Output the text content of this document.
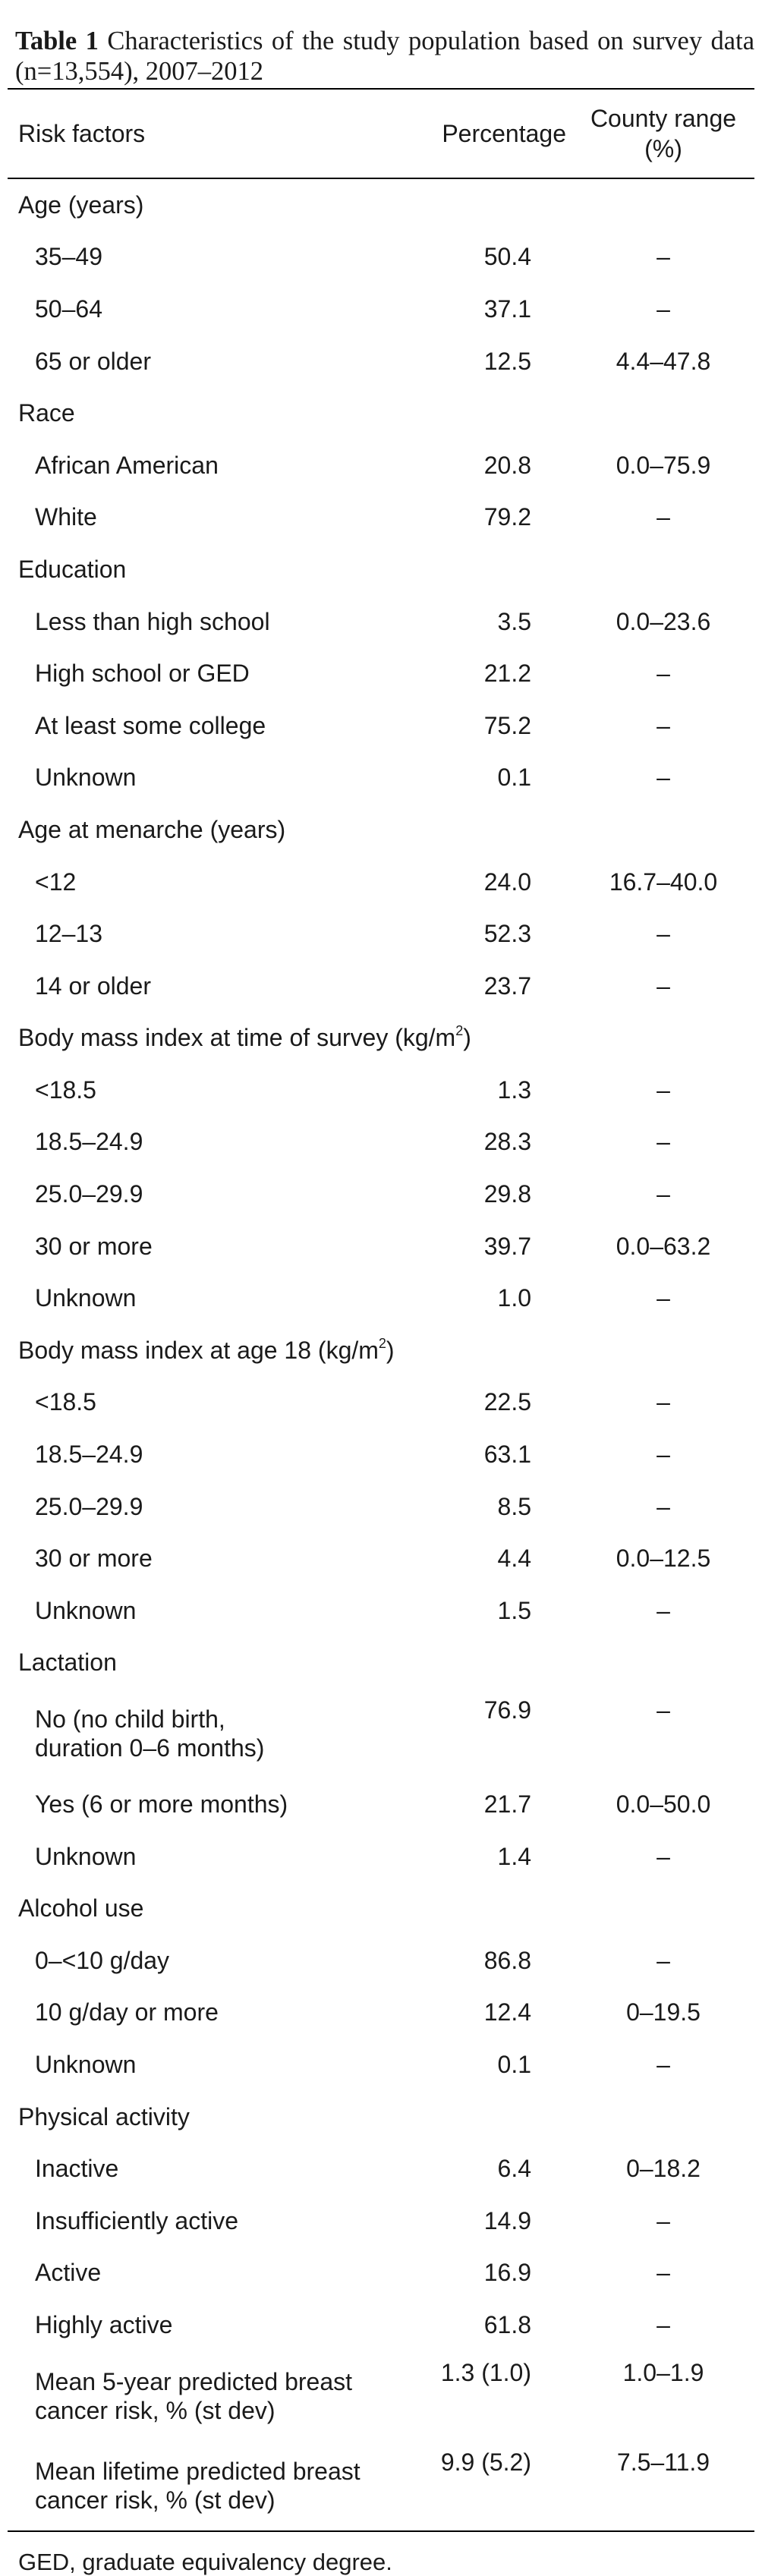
Table 1 Characteristics of the study population based on survey data (n=13,554), 2007–2012

Risk factors	Percentage	County range
(%)
Age (years)		
35–49	50.4	–
50–64	37.1	–
65 or older	12.5	4.4–47.8
Race		
African American	20.8	0.0–75.9
White	79.2	–
Education		
Less than high school	3.5	0.0–23.6
High school or GED	21.2	–
At least some college	75.2	–
Unknown	0.1	–
Age at menarche (years)		
<12	24.0	16.7–40.0
12–13	52.3	–
14 or older	23.7	–
Body mass index at time of survey $(kg/m^2)$		
<18.5	1.3	–
18.5–24.9	28.3	–
25.0–29.9	29.8	–
30 or more	39.7	0.0–63.2
Unknown	1.0	–
Body mass index at age 18 $(kg/m^2)$		
<18.5	22.5	–
18.5–24.9	63.1	–
25.0–29.9	8.5	–
30 or more	4.4	0.0–12.5
Unknown	1.5	–
Lactation		
No (no child birth,
duration 0–6 months)	76.9	–
Yes (6 or more months)	21.7	0.0–50.0
Unknown	1.4	–
Alcohol use		
0–<10 g/day	86.8	–
10 g/day or more	12.4	0–19.5
Unknown	0.1	–
Physical activity		
Inactive	6.4	0–18.2
Insufficiently active	14.9	–
Active	16.9	–
Highly active	61.8	–
Mean 5-year predicted breast
cancer risk, % (st dev)	1.3 (1.0)	1.0–1.9
Mean lifetime predicted breast
cancer risk, % (st dev)	9.9 (5.2)	7.5–11.9
GED, graduate equivalency degree.
